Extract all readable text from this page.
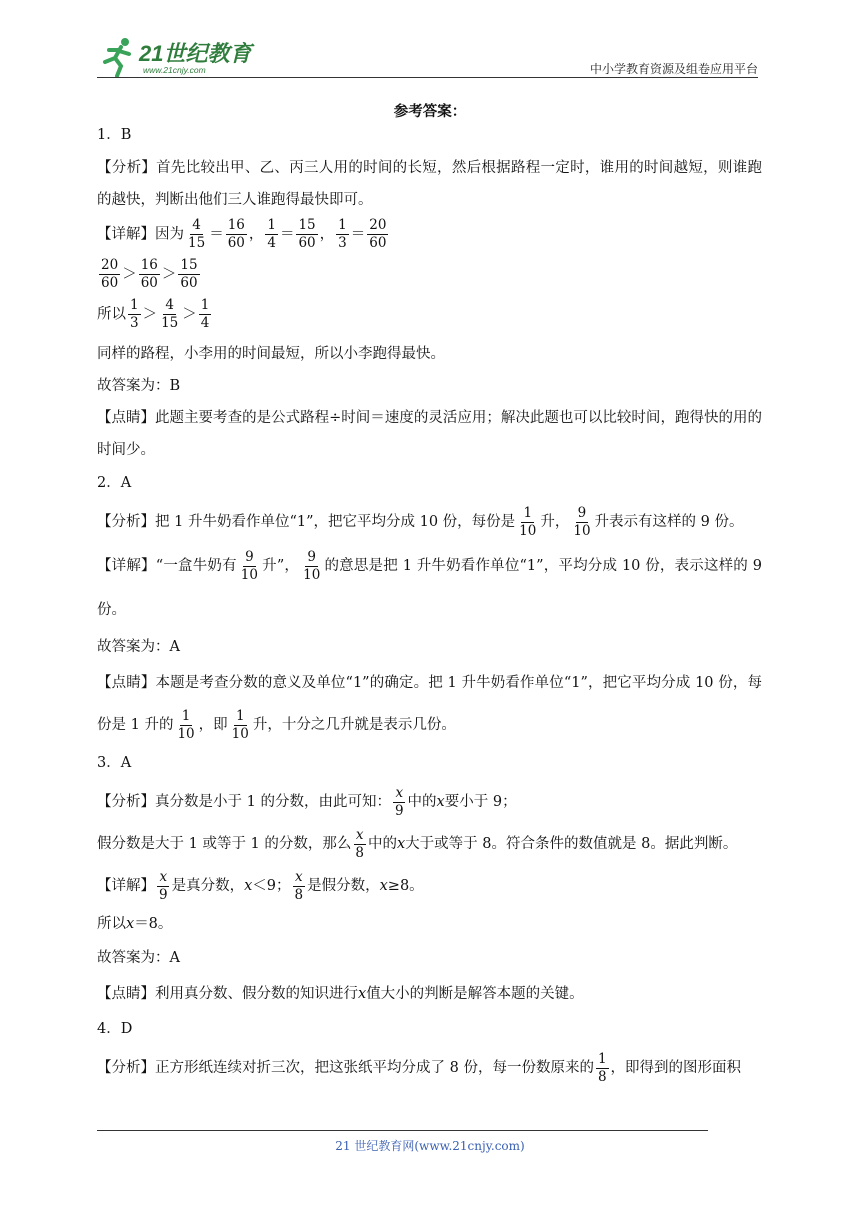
21世纪教育
www.21cnjy.com	中小学教育资源及组卷应用平台
参考答案：
1．B
【分析】首先比较出甲、乙、丙三人用的时间的长短，然后根据路程一定时，谁用的时间越短，则谁跑的越快，判断出他们三人谁跑得最快即可。
【详解】因为 $\frac{4}{15} = \frac{16}{60}$ ， $\frac{1}{4} = \frac{15}{60}$ ， $\frac{1}{3} = \frac{20}{60}$
$\frac{20}{60} > \frac{16}{60} > \frac{15}{60}$
所以 $\frac{1}{3} > \frac{4}{15} > \frac{1}{4}$
同样的路程，小李用的时间最短，所以小李跑得最快。
故答案为：B
【点睛】此题主要考查的是公式路程÷时间＝速度的灵活应用；解决此题也可以比较时间，跑得快的用的时间少。
2．A
【分析】把 1 升牛奶看作单位“1”，把它平均分成 10 份，每份是 $\frac{1}{10}$ 升， $\frac{9}{10}$ 升表示有这样的 9 份。
【详解】“一盒牛奶有 $\frac{9}{10}$ 升”， $\frac{9}{10}$ 的意思是把 1 升牛奶看作单位“1”，平均分成 10 份，表示这样的 9 份。
故答案为：A
【点睛】本题是考查分数的意义及单位“1”的确定。把 1 升牛奶看作单位“1”，把它平均分成 10 份，每份是 1 升的 $\frac{1}{10}$ ，即 $\frac{1}{10}$ 升，十分之几升就是表示几份。
3．A
【分析】真分数是小于 1 的分数，由此可知： $\frac{x}{9}$ 中的x要小于 9；
假分数是大于 1 或等于 1 的分数，那么 $\frac{x}{8}$ 中的x大于或等于 8。符合条件的数值就是 8。据此判断。
【详解】 $\frac{x}{9}$ 是真分数，x＜9； $\frac{x}{8}$ 是假分数，x≥8。
所以x＝8。
故答案为：A
【点睛】利用真分数、假分数的知识进行x值大小的判断是解答本题的关键。
4．D
【分析】正方形纸连续对折三次，把这张纸平均分成了 8 份，每一份数原来的 $\frac{1}{8}$ ，即得到的图形面积
21 世纪教育网(www.21cnjy.com)
